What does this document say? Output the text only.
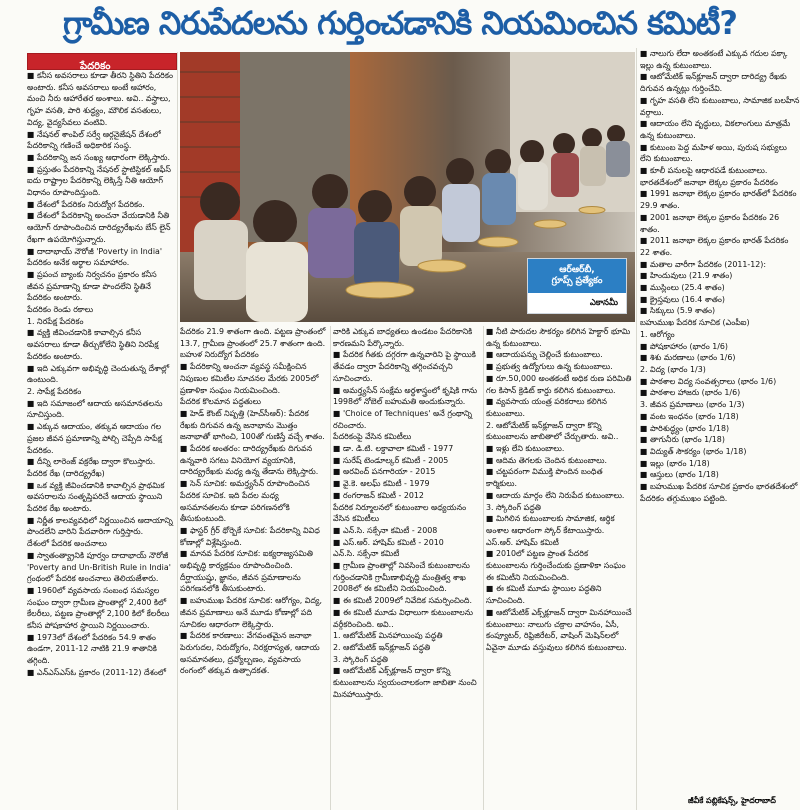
గ్రామీణ నిరుపేదలను గుర్తించడానికి నియమించిన కమిటీ?
పేదరికం

■ కనీస అవసరాలు కూడా తీరని స్థితిని పేదరికం అంటారు. కనీస అవసరాలు అంటే ఆహారం, మంచి నీరు ఆహారేతర అంశాలు. అవి.. వస్త్రాలు, గృహ వసతి, పారి శుద్ధ్యం, మౌలిక వసతులు, విద్య, వైద్యసేవలు వంటివి.
■ నేషనల్ శాంపిల్ సర్వే ఆర్గనైజేషన్ దేశంలో పేదరికాన్ని గణించే అధికారిక సంస్థ.
■ పేదరికాన్ని జన సంఖ్య ఆధారంగా లెక్కిస్తారు.
■ ప్రస్తుతం పేదరికాన్ని నేషనల్ స్టాటిస్టికల్ ఆఫీస్ ఐదు రాష్ట్రాల పేదరికాన్ని లెక్కిస్తే నీతి ఆయోగ్ విధానం రూపొందిస్తుంది.
■ దేశంలో పేదరికం నిరుద్యోగ పేదరికం.
■ దేశంలో పేదరికాన్ని అంచనా వేయడానికి నీతి ఆయోగ్ రూపొందించిన దారిద్య్రరేఖను బేస్ లైన్ రేఖగా ఉపయోగిస్తున్నారు.
■ దాదాభాయ్ నౌరోజీ 'Poverty in India' పేదరికం అనేక అర్థాల సమాహారం.
■ ప్రపంచ బ్యాంకు నిర్వచనం ప్రకారం కనీస జీవన ప్రమాణాన్ని కూడా పొందలేని స్థితినే పేదరికం అంటారు.
పేదరికం రెండు రకాలు
1. నిరపేక్ష పేదరికం
■ వ్యక్తి జీవించడానికి కావాల్సిన కనీస అవసరాలు కూడా తీర్చుకోలేని స్థితిని నిరపేక్ష పేదరికం అంటారు.
■ ఇది ఎక్కువగా అభివృద్ధి చెందుతున్న దేశాల్లో ఉంటుంది.
2. సాపేక్ష పేదరికం
■ ఇది సమాజంలో ఆదాయ అసమానతలను సూచిస్తుంది.
■ ఎక్కువ ఆదాయం, తక్కువ ఆదాయం గల ప్రజల జీవన ప్రమాణాన్ని పోల్చి చెప్పేది సాపేక్ష పేదరికం.
■ దీన్ని లారెంజ్ వక్రరేఖ ద్వారా కొలుస్తారు.
పేదరిక రేఖ (దారిద్య్రరేఖ)
■ ఒక వ్యక్తి జీవించడానికి కావాల్సిన ప్రాథమిక అవసరాలను సంతృప్తిపరిచే ఆదాయ స్థాయిని పేదరిక రేఖ అంటారు.
■ నిర్ణీత కాలవ్యవధిలో నిర్ణయించిన ఆదాయాన్ని పొందలేని వారిని పేదవారిగా గుర్తిస్తారు.
దేశంలో పేదరిక అంచనాలు
■ స్వాతంత్య్రానికి పూర్వం దాదాభాయ్ నౌరోజీ 'Poverty and Un-British Rule in India' గ్రంథంలో పేదరిక అంచనాలు తెలియజేశారు.
■ 1960లో వ్యవసాయ సంబంధ సమస్యల సంఘం ద్వారా గ్రామీణ ప్రాంతాల్లో 2,400 కిలో కేలరీలు, పట్టణ ప్రాంతాల్లో 2,100 కిలో కేలరీలు కనీస పోషకాహార స్థాయిని నిర్ణయించారు.
■ 1973లో దేశంలో పేదరికం 54.9 శాతం ఉండగా, 2011-12 నాటికి 21.9 శాతానికి తగ్గింది.
■ ఎన్‌ఎస్‌ఎస్ఓ ప్రకారం (2011-12) దేశంలో

ఆర్‌ఆర్‌బీ,
గ్రూప్స్ ప్రత్యేకం
ఎకానమీ

పేదరికం 21.9 శాతంగా ఉంది. పట్టణ ప్రాంతంలో 13.7, గ్రామీణ ప్రాంతంలో 25.7 శాతంగా ఉంది.
బహుళ నిరుద్యోగ పేదరికం
■ పేదరికాన్ని అంచనా వ్యవస్థ సమీక్షించిన నిపుణుల కమిటీల సూచనల మేరకు 2005లో ప్రణాళికా సంఘం నియమించింది.
పేదరిక కొలమాన పద్ధతులు
■ హెడ్ కౌంట్ నిష్పత్తి (హెచ్‌సీఆర్): పేదరిక రేఖకు దిగువన ఉన్న జనాభాను మొత్తం జనాభాతో భాగించి, 100తో గుణిస్తే వచ్చే శాతం.
■ పేదరిక అంతరం: దారిద్య్రరేఖకు దిగువన ఉన్నవారి సగటు వినియోగ వ్యయానికి, దారిద్య్రరేఖకు మధ్య ఉన్న తేడాను లెక్కిస్తారు.
■ సెన్ సూచిక: అమర్త్యసేన్ రూపొందించిన పేదరిక సూచిక. ఇది పేదల మధ్య అసమానతలను కూడా పరిగణనలోకి తీసుకుంటుంది.
■ ఫాస్టర్ గ్రీర్ థోర్బెకే సూచిక: పేదరికాన్ని వివిధ కోణాల్లో విశ్లేషిస్తుంది.
■ మానవ పేదరిక సూచిక: ఐక్యరాజ్యసమితి అభివృద్ధి కార్యక్రమం రూపొందించింది. దీర్ఘాయుష్షు, జ్ఞానం, జీవన ప్రమాణాలను పరిగణనలోకి తీసుకుంటారు.
■ బహుముఖ పేదరిక సూచిక: ఆరోగ్యం, విద్య, జీవన ప్రమాణాలు అనే మూడు కోణాల్లో పది సూచికల ఆధారంగా లెక్కిస్తారు.
■ పేదరిక కారణాలు: వేగవంతమైన జనాభా పెరుగుదల, నిరుద్యోగం, నిరక్షరాస్యత, ఆదాయ అసమానతలు, ద్రవ్యోల్బణం, వ్యవసాయ రంగంలో తక్కువ ఉత్పాదకత.

వారికి ఎక్కువ బాధ్యతలు ఉండటం పేదరికానికి కారణమని పేర్కొన్నారు.
■ పేదరిక గీతకు దగ్గరగా ఉన్నవారిని పై స్థాయికి తేవడం ద్వారా పేదరికాన్ని తగ్గించవచ్చని సూచించారు.
■ అమర్త్యసేన్ సంక్షేమ అర్థశాస్త్రంలో కృషికి గాను 1998లో నోబెల్ బహుమతి అందుకున్నారు.
■ 'Choice of Techniques' అనే గ్రంథాన్ని రచించారు.
పేదరికంపై వేసిన కమిటీలు
■ డా. డి.టి. లక్డావాలా కమిటీ - 1977
■ సురేష్ టెండూల్కర్ కమిటీ - 2005
■ అరవింద్ పనగారియా - 2015
■ వై.కె. అలఘ్ కమిటీ - 1979
■ రంగరాజన్ కమిటీ - 2012
పేదరిక నిర్మూలనలో కుటుంబాల అధ్యయనం
వేసిన కమిటీలు
■ ఎన్.సి. సక్సేనా కమిటీ - 2008
■ ఎస్.ఆర్. హాషిమ్ కమిటీ - 2010
ఎన్.సి. సక్సేనా కమిటీ
■ గ్రామీణ ప్రాంతాల్లో నివసించే కుటుంబాలను గుర్తించడానికి గ్రామీణాభివృద్ధి మంత్రిత్వ శాఖ 2008లో ఈ కమిటీని నియమించింది.
■ ఈ కమిటీ 2009లో నివేదిక సమర్పించింది.
■ ఈ కమిటీ మూడు విధాలుగా కుటుంబాలను వర్గీకరించింది. అవి..
1. ఆటోమేటిక్ మినహాయింపు పద్ధతి
2. ఆటోమేటిక్ ఇన్‌క్లూజన్ పద్ధతి
3. స్కోరింగ్ పద్ధతి
■ ఆటోమేటిక్ ఎక్స్‌క్లూజన్ ద్వారా కొన్ని కుటుంబాలను స్వయంచాలకంగా జాబితా నుంచి మినహాయిస్తారు.

■ నీటి పారుదల సౌకర్యం కలిగిన హెక్టార్ భూమి ఉన్న కుటుంబాలు.
■ ఆదాయపన్ను చెల్లించే కుటుంబాలు.
■ ప్రభుత్వ ఉద్యోగులు ఉన్న కుటుంబాలు.
■ రూ.50,000 అంతకంటే అధిక రుణ పరిమితి గల కిసాన్ క్రెడిట్ కార్డు కలిగిన కుటుంబాలు.
■ వ్యవసాయ యంత్ర పరికరాలు కలిగిన కుటుంబాలు.
2. ఆటోమేటిక్ ఇన్‌క్లూజన్ ద్వారా కొన్ని కుటుంబాలను జాబితాలో చేర్చుతారు. అవి..
■ ఇళ్లు లేని కుటుంబాలు.
■ ఆదిమ తెగలకు చెందిన కుటుంబాలు.
■ చట్టపరంగా విముక్తి పొందిన బంధిత కార్మికులు.
■ ఆదాయ మార్గం లేని నిరుపేద కుటుంబాలు.
3. స్కోరింగ్ పద్ధతి
■ మిగిలిన కుటుంబాలకు సామాజిక, ఆర్థిక అంశాల ఆధారంగా స్కోర్ కేటాయిస్తారు.
ఎస్.ఆర్. హాషిమ్ కమిటీ
■ 2010లో పట్టణ ప్రాంత పేదరిక కుటుంబాలను గుర్తించేందుకు ప్రణాళికా సంఘం ఈ కమిటీని నియమించింది.
■ ఈ కమిటీ మూడు స్థాయిల పద్ధతిని సూచించింది.
■ ఆటోమేటిక్ ఎక్స్‌క్లూజన్ ద్వారా మినహాయించే కుటుంబాలు: నాలుగు చక్రాల వాహనం, ఏసీ, కంప్యూటర్, రిఫ్రిజిరేటర్, వాషింగ్ మెషిన్‌లలో ఏవైనా మూడు వస్తువులు కలిగిన కుటుంబాలు.

■ నాలుగు లేదా అంతకంటే ఎక్కువ గదుల పక్కా ఇల్లు ఉన్న కుటుంబాలు.
■ ఆటోమేటిక్ ఇన్‌క్లూజన్ ద్వారా దారిద్య్ర రేఖకు దిగువన ఉన్నట్లు గుర్తించేవి.
■ గృహ వసతి లేని కుటుంబాలు, సామాజిక బలహీన వర్గాలు.
■ ఆదాయం లేని వృద్ధులు, వికలాంగులు మాత్రమే ఉన్న కుటుంబాలు.
■ కుటుంబ పెద్ద మహిళ అయి, పురుష సభ్యులు లేని కుటుంబాలు.
■ కూలీ పనులపై ఆధారపడే కుటుంబాలు.
భారతదేశంలో జనాభా లెక్కల ప్రకారం పేదరికం
■ 1991 జనాభా లెక్కల ప్రకారం భారత్‌లో పేదరికం 29.9 శాతం.
■ 2001 జనాభా లెక్కల ప్రకారం పేదరికం 26 శాతం.
■ 2011 జనాభా లెక్కల ప్రకారం భారత్ పేదరికం 22 శాతం.
■ మతాల వారీగా పేదరికం (2011-12):
■ హిందువులు (21.9 శాతం)
■ ముస్లింలు (25.4 శాతం)
■ క్రైస్తవులు (16.4 శాతం)
■ సిక్కులు (5.9 శాతం)
బహుముఖ పేదరిక సూచిక (ఎంపీఐ)
1. ఆరోగ్యం
■ పోషకాహారం (భారం 1/6)
■ శిశు మరణాలు (భారం 1/6)
2. విద్య (భారం 1/3)
■ పాఠశాల విద్య సంవత్సరాలు (భారం 1/6)
■ పాఠశాల హాజరు (భారం 1/6)
3. జీవన ప్రమాణాలు (భారం 1/3)
■ వంట ఇంధనం (భారం 1/18)
■ పారిశుద్ధ్యం (భారం 1/18)
■ తాగునీరు (భారం 1/18)
■ విద్యుత్ సౌకర్యం (భారం 1/18)
■ ఇల్లు (భారం 1/18)
■ ఆస్తులు (భారం 1/18)
■ బహుముఖ పేదరిక సూచిక ప్రకారం భారతదేశంలో పేదరికం తగ్గుముఖం పట్టింది.

జీవీకే పబ్లికేషన్స్, హైదరాబాద్
